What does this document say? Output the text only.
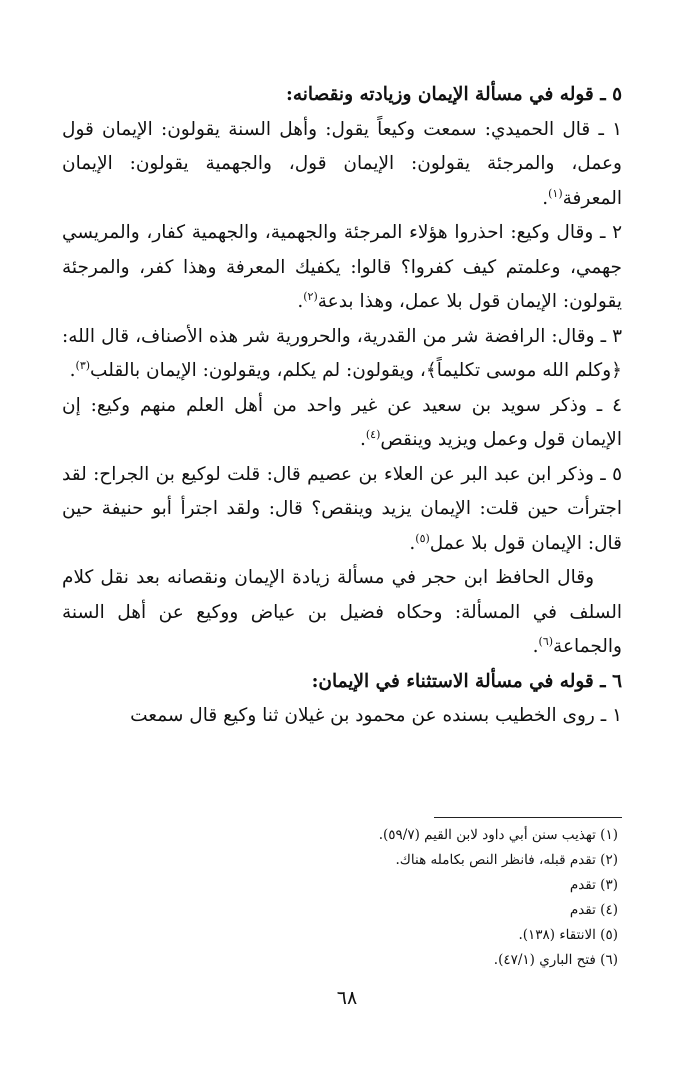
٥ ـ قوله في مسألة الإيمان وزيادته ونقصانه:

١ ـ قال الحميدي: سمعت وكيعاً يقول: وأهل السنة يقولون: الإيمان قول وعمل، والمرجئة يقولون: الإيمان قول، والجهمية يقولون: الإيمان المعرفة$^{(١)}$.

٢ ـ وقال وكيع: احذروا هؤلاء المرجئة والجهمية، والجهمية كفار، والمريسي جهمي، وعلمتم كيف كفروا؟ قالوا: يكفيك المعرفة وهذا كفر، والمرجئة يقولون: الإيمان قول بلا عمل، وهذا بدعة$^{(٢)}$.

٣ ـ وقال: الرافضة شر من القدرية، والحرورية شر هذه الأصناف، قال الله: ﴿وكلم الله موسى تكليماً﴾، ويقولون: لم يكلم، ويقولون: الإيمان بالقلب$^{(٣)}$.

٤ ـ وذكر سويد بن سعيد عن غير واحد من أهل العلم منهم وكيع: إن الإيمان قول وعمل ويزيد وينقص$^{(٤)}$.

٥ ـ وذكر ابن عبد البر عن العلاء بن عصيم قال: قلت لوكيع بن الجراح: لقد اجترأت حين قلت: الإيمان يزيد وينقص؟ قال: ولقد اجترأ أبو حنيفة حين قال: الإيمان قول بلا عمل$^{(٥)}$.

وقال الحافظ ابن حجر في مسألة زيادة الإيمان ونقصانه بعد نقل كلام السلف في المسألة: وحكاه فضيل بن عياض ووكيع عن أهل السنة والجماعة$^{(٦)}$.

٦ ـ قوله في مسألة الاستثناء في الإيمان:

١ ـ روى الخطيب بسنده عن محمود بن غيلان ثنا وكيع قال سمعت

(١) تهذيب سنن أبي داود لابن القيم (٥٩/٧).
(٢) تقدم قبله، فانظر النص بكامله هناك.
(٣) تقدم
(٤) تقدم
(٥) الانتقاء (١٣٨).
(٦) فتح الباري (٤٧/١).
٦٨
